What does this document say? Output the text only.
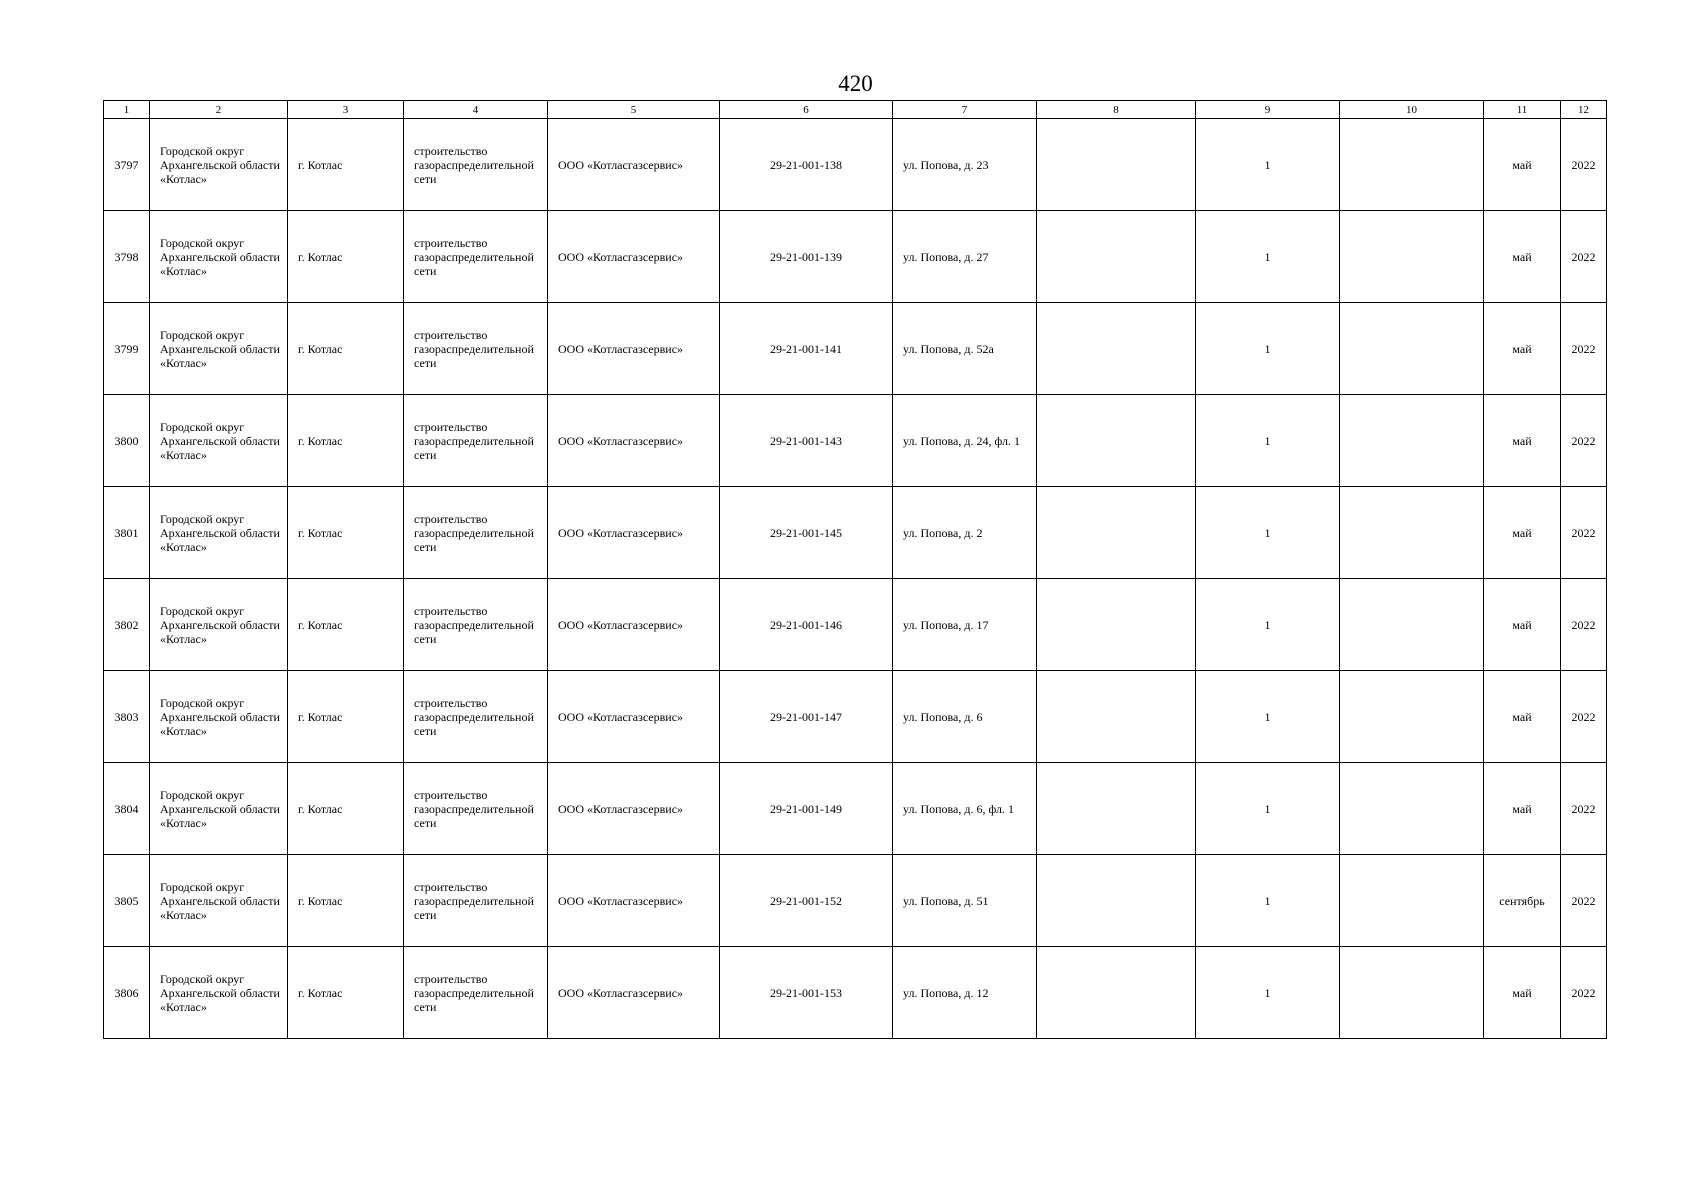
420
1	2	3	4	5	6	7	8	9	10	11	12
3797	Городской округ Архангельской области «Котлас»	г. Котлас	строительство газораспределительной сети	ООО «Котласгазсервис»	29-21-001-138	ул. Попова, д. 23		1		май	2022
3798	Городской округ Архангельской области «Котлас»	г. Котлас	строительство газораспределительной сети	ООО «Котласгазсервис»	29-21-001-139	ул. Попова, д. 27		1		май	2022
3799	Городской округ Архангельской области «Котлас»	г. Котлас	строительство газораспределительной сети	ООО «Котласгазсервис»	29-21-001-141	ул. Попова, д. 52а		1		май	2022
3800	Городской округ Архангельской области «Котлас»	г. Котлас	строительство газораспределительной сети	ООО «Котласгазсервис»	29-21-001-143	ул. Попова, д. 24, фл. 1		1		май	2022
3801	Городской округ Архангельской области «Котлас»	г. Котлас	строительство газораспределительной сети	ООО «Котласгазсервис»	29-21-001-145	ул. Попова, д. 2		1		май	2022
3802	Городской округ Архангельской области «Котлас»	г. Котлас	строительство газораспределительной сети	ООО «Котласгазсервис»	29-21-001-146	ул. Попова, д. 17		1		май	2022
3803	Городской округ Архангельской области «Котлас»	г. Котлас	строительство газораспределительной сети	ООО «Котласгазсервис»	29-21-001-147	ул. Попова, д. 6		1		май	2022
3804	Городской округ Архангельской области «Котлас»	г. Котлас	строительство газораспределительной сети	ООО «Котласгазсервис»	29-21-001-149	ул. Попова, д. 6, фл. 1		1		май	2022
3805	Городской округ Архангельской области «Котлас»	г. Котлас	строительство газораспределительной сети	ООО «Котласгазсервис»	29-21-001-152	ул. Попова, д. 51		1		сентябрь	2022
3806	Городской округ Архангельской области «Котлас»	г. Котлас	строительство газораспределительной сети	ООО «Котласгазсервис»	29-21-001-153	ул. Попова, д. 12		1		май	2022
